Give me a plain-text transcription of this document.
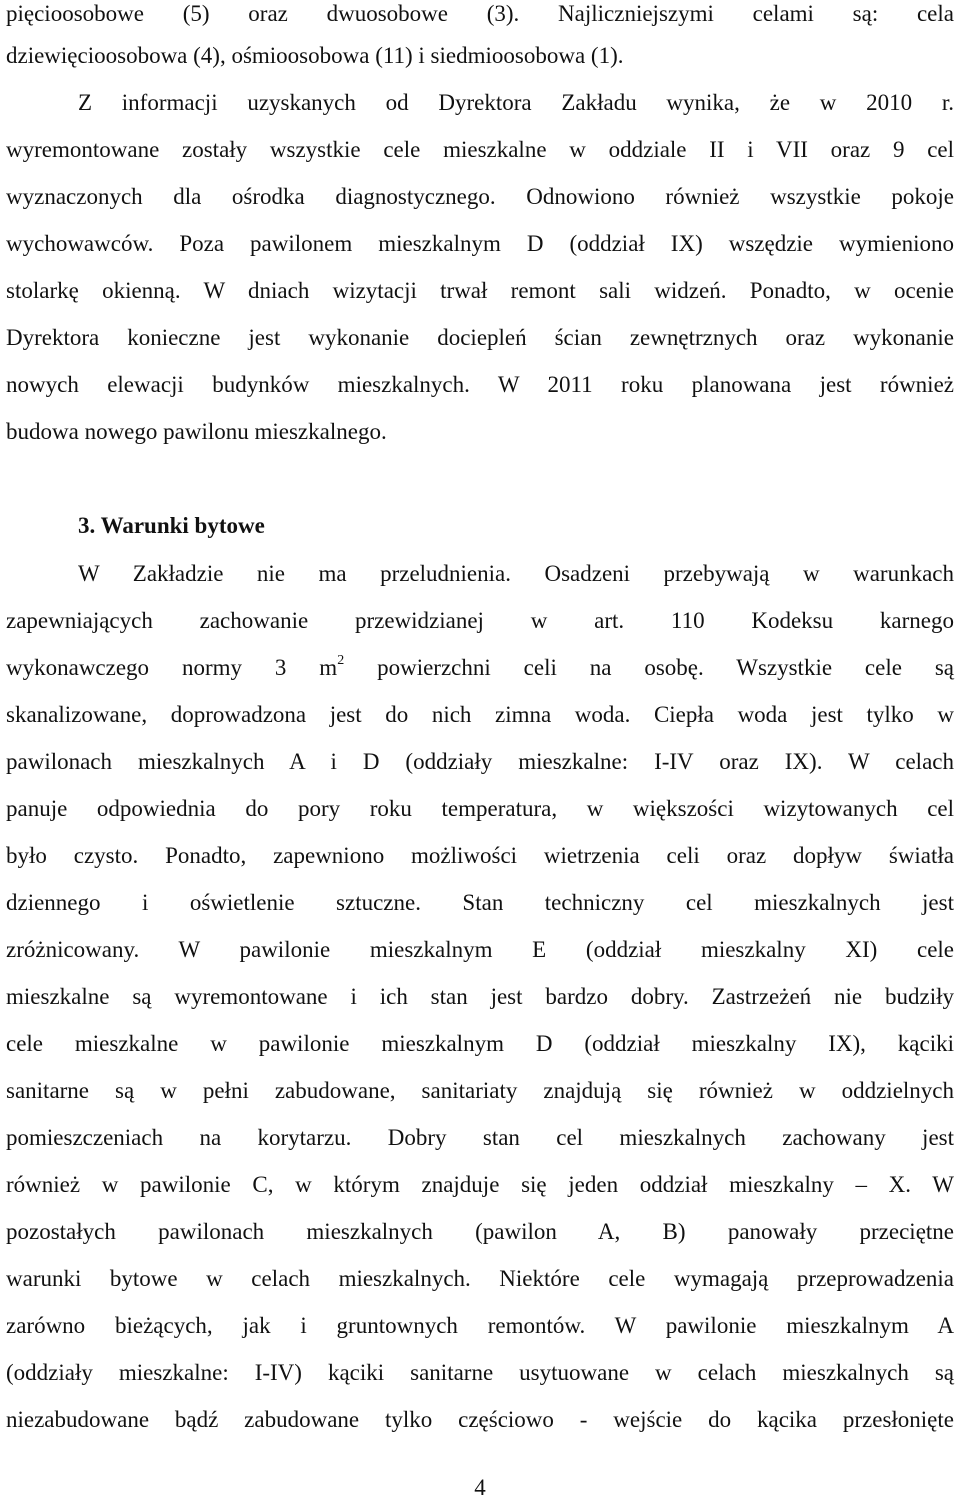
pięcioosobowe (5) oraz dwuosobowe (3). Najliczniejszymi celami są: cela
dziewięcioosobowa (4), ośmioosobowa (11) i siedmioosobowa (1).
Z informacji uzyskanych od Dyrektora Zakładu wynika, że w 2010 r.
wyremontowane zostały wszystkie cele mieszkalne w oddziale II i VII oraz 9 cel
wyznaczonych dla ośrodka diagnostycznego. Odnowiono również wszystkie pokoje
wychowawców. Poza pawilonem mieszkalnym D (oddział IX) wszędzie wymieniono
stolarkę okienną. W dniach wizytacji trwał remont sali widzeń. Ponadto, w ocenie
Dyrektora konieczne jest wykonanie dociepleń ścian zewnętrznych oraz wykonanie
nowych elewacji budynków mieszkalnych. W 2011 roku planowana jest również
budowa nowego pawilonu mieszkalnego.
3. Warunki bytowe
W Zakładzie nie ma przeludnienia. Osadzeni przebywają w warunkach
zapewniających zachowanie przewidzianej w art. 110 Kodeksu karnego
wykonawczego normy 3 $m^2$ powierzchni celi na osobę. Wszystkie cele są
skanalizowane, doprowadzona jest do nich zimna woda. Ciepła woda jest tylko w
pawilonach mieszkalnych A i D (oddziały mieszkalne: I-IV oraz IX). W celach
panuje odpowiednia do pory roku temperatura, w większości wizytowanych cel
było czysto. Ponadto, zapewniono możliwości wietrzenia celi oraz dopływ światła
dziennego i oświetlenie sztuczne. Stan techniczny cel mieszkalnych jest
zróżnicowany. W pawilonie mieszkalnym E (oddział mieszkalny XI) cele
mieszkalne są wyremontowane i ich stan jest bardzo dobry. Zastrzeżeń nie budziły
cele mieszkalne w pawilonie mieszkalnym D (oddział mieszkalny IX), kąciki
sanitarne są w pełni zabudowane, sanitariaty znajdują się również w oddzielnych
pomieszczeniach na korytarzu. Dobry stan cel mieszkalnych zachowany jest
również w pawilonie C, w którym znajduje się jeden oddział mieszkalny – X. W
pozostałych pawilonach mieszkalnych (pawilon A, B) panowały przeciętne
warunki bytowe w celach mieszkalnych. Niektóre cele wymagają przeprowadzenia
zarówno bieżących, jak i gruntownych remontów. W pawilonie mieszkalnym A
(oddziały mieszkalne: I-IV) kąciki sanitarne usytuowane w celach mieszkalnych są
niezabudowane bądź zabudowane tylko częściowo - wejście do kącika przesłonięte
4
